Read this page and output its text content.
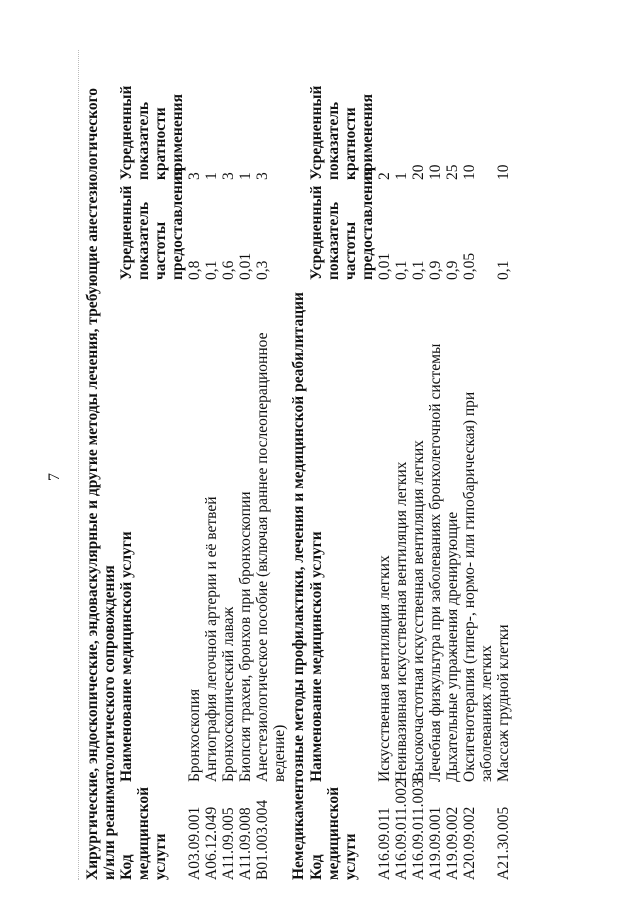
7 Хирургические, эндоскопические, эндоваскулярные и другие методы лечения, требующие анестезиологического и/или реаниматологического сопровождения Код медицинской услуги
Наименование медицинской услуги
Усредненный показатель частоты предоставления
Усредненный показатель кратности применения
A03.09.001
Бронхоскопия
0,8
3
A06.12.049
Ангиография легочной артерии и её ветвей
0,1
1
A11.09.005
Бронхоскопический лаваж
0,6
3
A11.09.008
Биопсия трахеи, бронхов при бронхоскопии
0,01
1
B01.003.004
Анестезиологическое пособие (включая раннее послеоперационное ведение)
0,3
3
Немедикаментозные методы профилактики, лечения и медицинской реабилитации Код медицинской услуги
Наименование медицинской услуги
Усредненный показатель частоты предоставления
Усредненный показатель кратности применения
A16.09.011
Искусственная вентиляция легких
0,01
2
A16.09.011.002
Неинвазивная искусственная вентиляция легких
0,1
1
A16.09.011.003
Высокочастотная искусственная вентиляция легких
0,1
20
A19.09.001
Лечебная физкультура при заболеваниях бронхолегочной системы
0,9
10
A19.09.002
Дыхательные упражнения дренирующие
0,9
25
A20.09.002
Оксигенотерапия (гипер-, нормо- или гипобарическая) при заболеваниях легких
0,05
10
A21.30.005
Массаж грудной клетки
0,1
10
